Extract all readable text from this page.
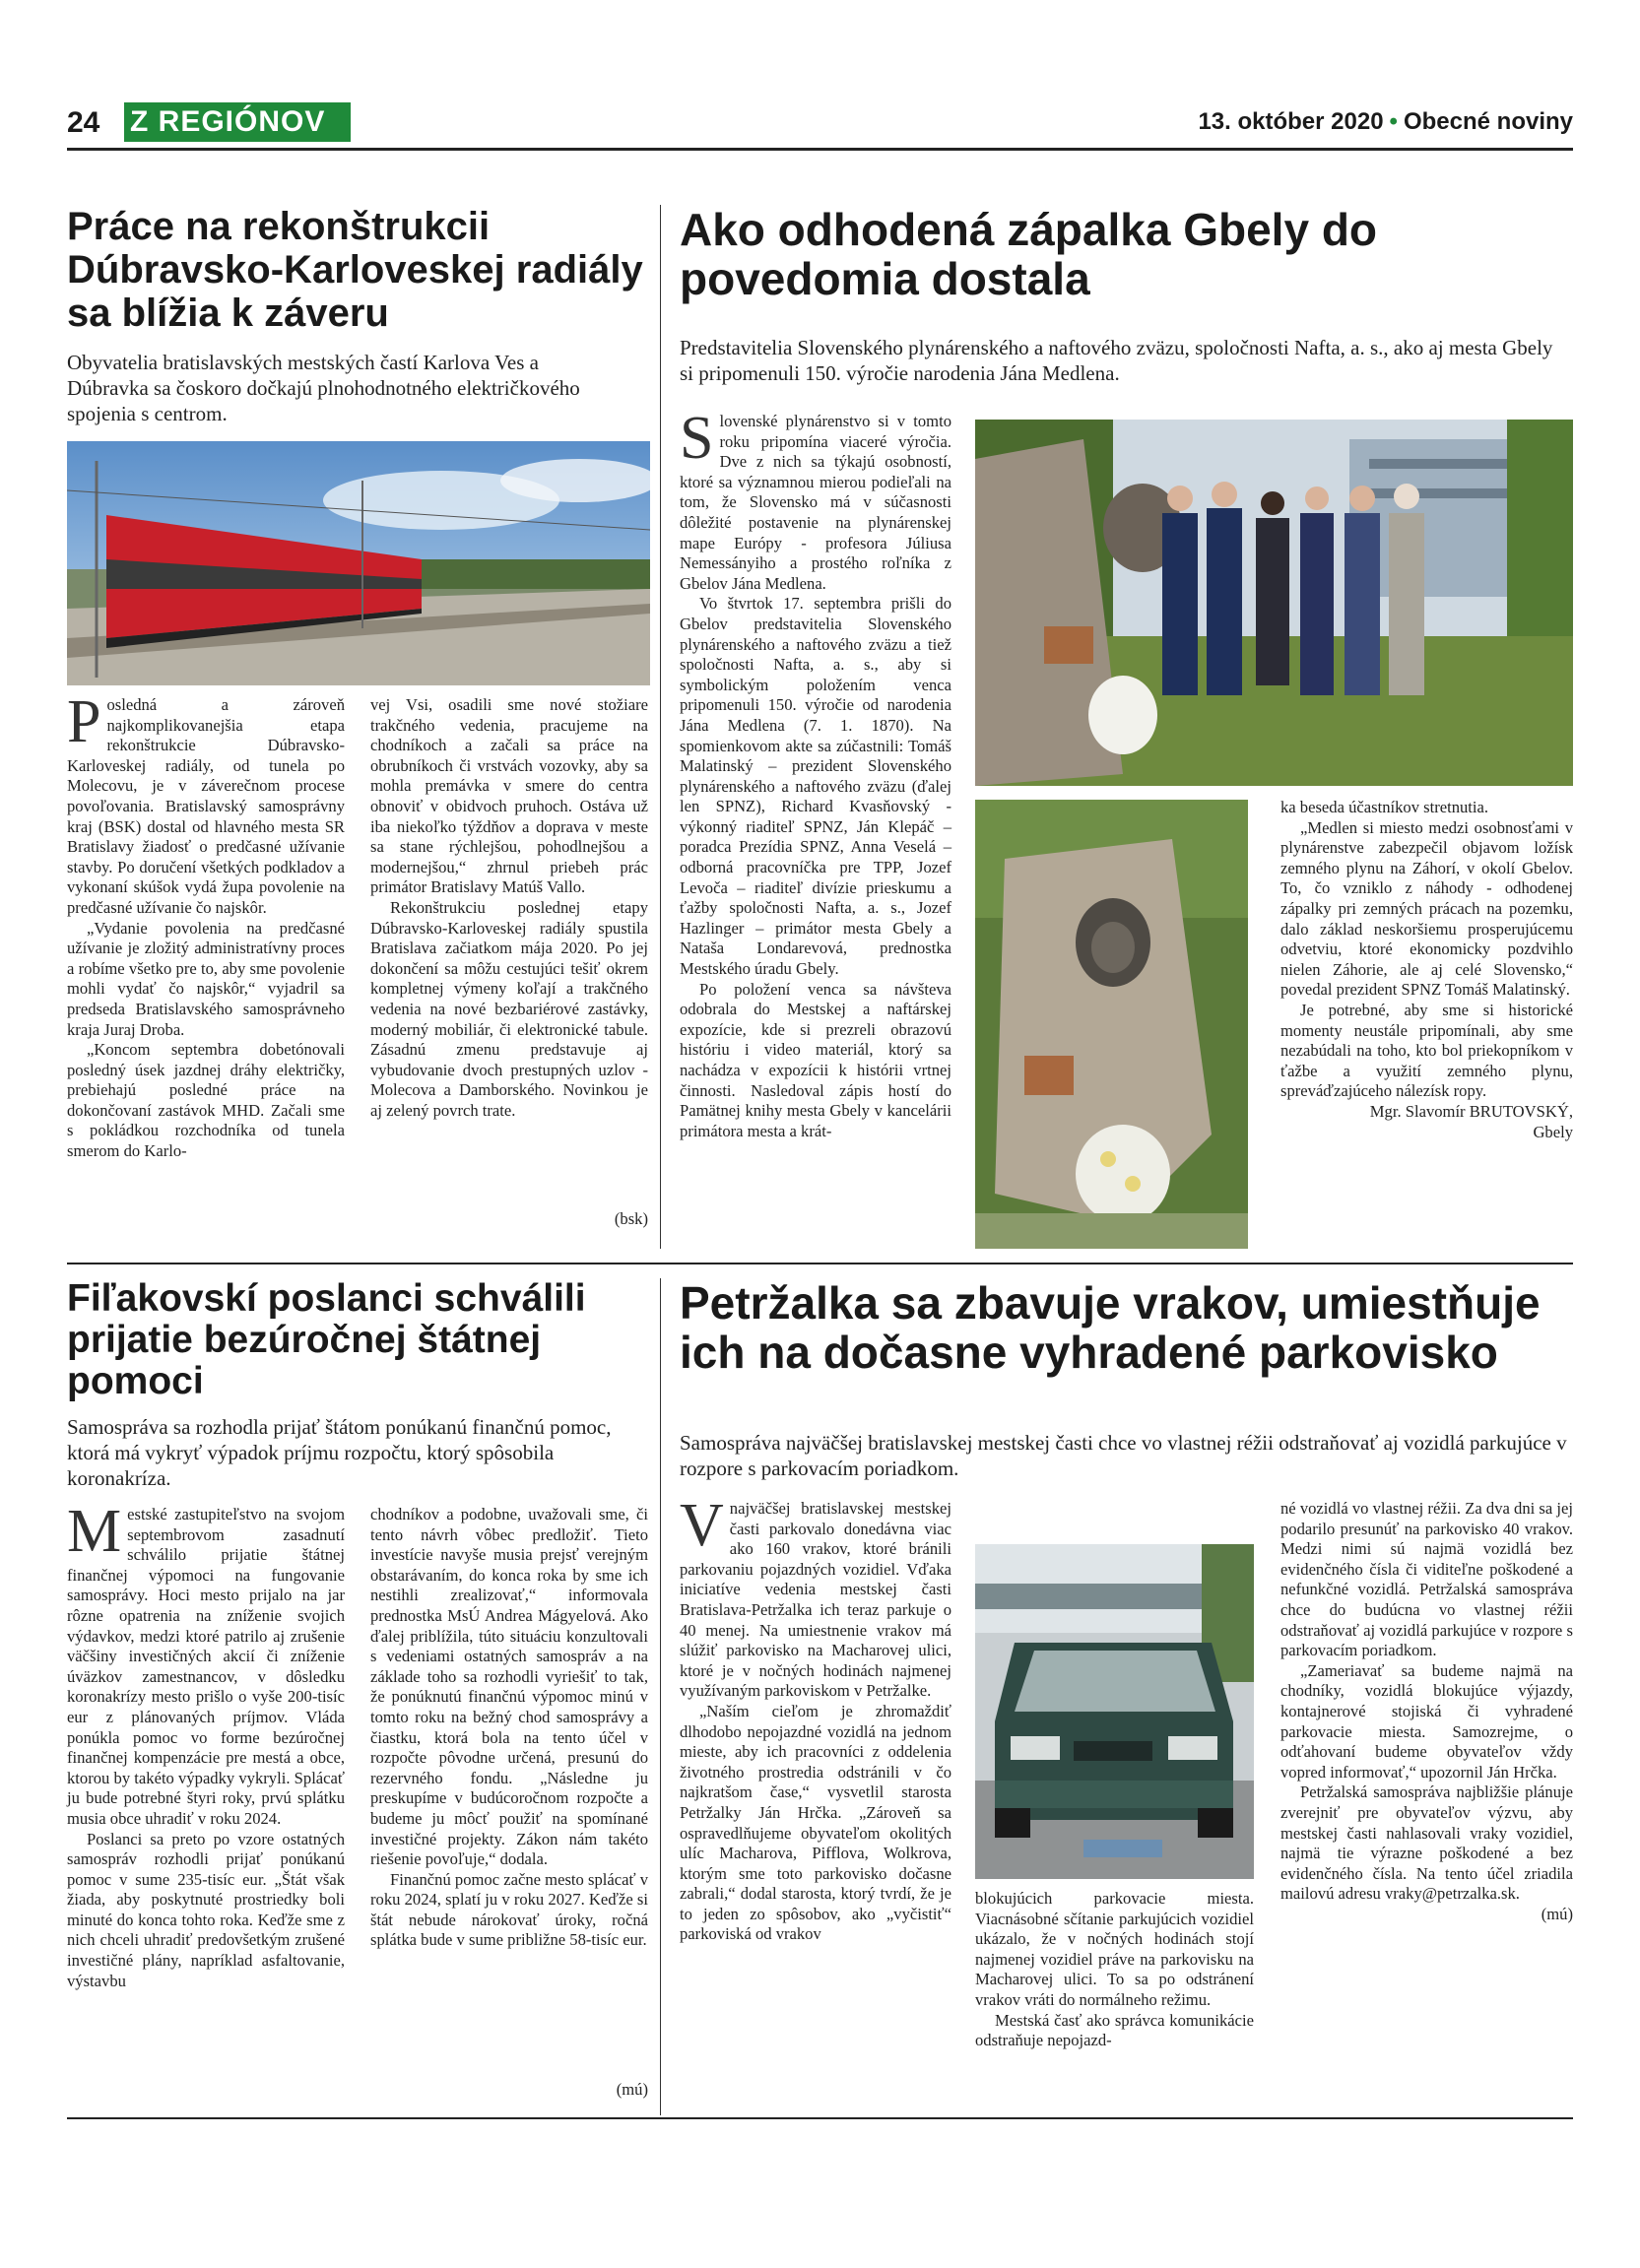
24 Z REGIÓNOV	13. október 2020 • Obecné noviny
Práce na rekonštrukcii Dúbravsko-Karloveskej radiály sa blížia k záveru
Obyvatelia bratislavských mestských častí Karlova Ves a Dúbravka sa čoskoro dočkajú plnohodnotného električkového spojenia s centrom.

Posledná a zároveň najkomplikovanejšia etapa rekonštrukcie Dúbravsko-Karloveskej radiály, od tunela po Molecovu, je v záverečnom procese povoľovania. Bratislavský samosprávny kraj (BSK) dostal od hlavného mesta SR Bratislavy žiadosť o predčasné užívanie stavby. Po doručení všetkých podkladov a vykonaní skúšok vydá župa povolenie na predčasné užívanie čo najskôr.

„Vydanie povolenia na predčasné užívanie je zložitý administratívny proces a robíme všetko pre to, aby sme povolenie mohli vydať čo najskôr,“ vyjadril sa predseda Bratislavského samosprávneho kraja Juraj Droba.

„Koncom septembra dobetónovali posledný úsek jazdnej dráhy električky, prebiehajú posledné práce na dokončovaní zastávok MHD. Začali sme s pokládkou rozchodníka od tunela smerom do Karlo-

vej Vsi, osadili sme nové stožiare trakčného vedenia, pracujeme na chodníkoch a začali sa práce na obrubníkoch či vrstvách vozovky, aby sa mohla premávka v smere do centra obnoviť v obidvoch pruhoch. Ostáva už iba niekoľko týždňov a doprava v meste sa stane rýchlejšou, pohodlnejšou a modernejšou,“ zhrnul priebeh prác primátor Bratislavy Matúš Vallo.

Rekonštrukciu poslednej etapy Dúbravsko-Karloveskej radiály spustila Bratislava začiatkom mája 2020. Po jej dokončení sa môžu cestujúci tešiť okrem kompletnej výmeny koľají a trakčného vedenia na nové bezbariérové zastávky, moderný mobiliár, či elektronické tabule. Zásadnú zmenu predstavuje aj vybudovanie dvoch prestupných uzlov - Molecova a Damborského. Novinkou je aj zelený povrch trate.

(bsk)
Ako odhodená zápalka Gbely do povedomia dostala
Predstavitelia Slovenského plynárenského a naftového zväzu, spoločnosti Nafta, a. s., ako aj mesta Gbely si pripomenuli 150. výročie narodenia Jána Medlena.

Slovenské plynárenstvo si v tomto roku pripomína viaceré výročia. Dve z nich sa týkajú osobností, ktoré sa významnou mierou podieľali na tom, že Slovensko má v súčasnosti dôležité postavenie na plynárenskej mape Európy - profesora Júliusa Nemessányiho a prostého roľníka z Gbelov Jána Medlena.

Vo štvrtok 17. septembra prišli do Gbelov predstavitelia Slovenského plynárenského a naftového zväzu a tiež spoločnosti Nafta, a. s., aby si symbolickým položením venca pripomenuli 150. výročie od narodenia Jána Medlena (7. 1. 1870). Na spomienkovom akte sa zúčastnili: Tomáš Malatinský – prezident Slovenského plynárenského a naftového zväzu (ďalej len SPNZ), Richard Kvasňovský - výkonný riaditeľ SPNZ, Ján Klepáč – poradca Prezídia SPNZ, Anna Veselá – odborná pracovníčka pre TPP, Jozef Levoča – riaditeľ divízie prieskumu a ťažby spoločnosti Nafta, a. s., Jozef Hazlinger – primátor mesta Gbely a Nataša Londarevová, prednostka Mestského úradu Gbely.

Po položení venca sa návšteva odobrala do Mestskej a naftárskej expozície, kde si prezreli obrazovú históriu i video materiál, ktorý sa nachádza v expozícii k histórii vrtnej činnosti. Nasledoval zápis hostí do Pamätnej knihy mesta Gbely v kancelárii primátora mesta a krát-

ka beseda účastníkov stretnutia.

„Medlen si miesto medzi osobnosťami v plynárenstve zabezpečil objavom ložísk zemného plynu na Záhorí, v okolí Gbelov. To, čo vzniklo z náhody - odhodenej zápalky pri zemných prácach na pozemku, dalo základ neskoršiemu prosperujúcemu odvetviu, ktoré ekonomicky pozdvihlo nielen Záhorie, ale aj celé Slovensko,“ povedal prezident SPNZ Tomáš Malatinský.

Je potrebné, aby sme si historické momenty neustále pripomínali, aby sme nezabúdali na toho, kto bol priekopníkom v ťažbe a využití zemného plynu, spreváďzajúceho nálezísk ropy.

Mgr. Slavomír BRUTOVSKÝ,
Gbely
Fiľakovskí poslanci schválili prijatie bezúročnej štátnej pomoci
Samospráva sa rozhodla prijať štátom ponúkanú finančnú pomoc, ktorá má vykryť výpadok príjmu rozpočtu, ktorý spôsobila koronakríza.

Mestské zastupiteľstvo na svojom septembrovom zasadnutí schválilo prijatie štátnej finančnej výpomoci na fungovanie samosprávy. Hoci mesto prijalo na jar rôzne opatrenia na zníženie svojich výdavkov, medzi ktoré patrilo aj zrušenie väčšiny investičných akcií či zníženie úväzkov zamestnancov, v dôsledku koronakrízy mesto prišlo o vyše 200-tisíc eur z plánovaných príjmov. Vláda ponúkla pomoc vo forme bezúročnej finančnej kompenzácie pre mestá a obce, ktorou by takéto výpadky vykryli. Splácať ju bude potrebné štyri roky, prvú splátku musia obce uhradiť v roku 2024.

Poslanci sa preto po vzore ostatných samospráv rozhodli prijať ponúkanú pomoc v sume 235-tisíc eur. „Štát však žiada, aby poskytnuté prostriedky boli minuté do konca tohto roka. Keďže sme z nich chceli uhradiť predovšetkým zrušené investičné plány, napríklad asfaltovanie, výstavbu

chodníkov a podobne, uvažovali sme, či tento návrh vôbec predložiť. Tieto investície navyše musia prejsť verejným obstarávaním, do konca roka by sme ich nestihli zrealizovať,“ informovala prednostka MsÚ Andrea Mágyelová. Ako ďalej priblížila, túto situáciu konzultovali s vedeniami ostatných samospráv a na základe toho sa rozhodli vyriešiť to tak, že ponúknutú finančnú výpomoc minú v tomto roku na bežný chod samosprávy a čiastku, ktorá bola na tento účel v rozpočte pôvodne určená, presunú do rezervného fondu. „Následne ju preskupíme v budúcoročnom rozpočte a budeme ju môcť použiť na spomínané investičné projekty. Zákon nám takéto riešenie povoľuje,“ dodala.

Finančnú pomoc začne mesto splácať v roku 2024, splatí ju v roku 2027. Keďže si štát nebude nárokovať úroky, ročná splátka bude v sume približne 58-tisíc eur.

(mú)
Petržalka sa zbavuje vrakov, umiestňuje ich na dočasne vyhradené parkovisko
Samospráva najväčšej bratislavskej mestskej časti chce vo vlastnej réžii odstraňovať aj vozidlá parkujúce v rozpore s parkovacím poriadkom.

Vnajväčšej bratislavskej mestskej časti parkovalo donedávna viac ako 160 vrakov, ktoré bránili parkovaniu pojazdných vozidiel. Vďaka iniciatíve vedenia mestskej časti Bratislava-Petržalka ich teraz parkuje o 40 menej. Na umiestnenie vrakov má slúžiť parkovisko na Macharovej ulici, ktoré je v nočných hodinách najmenej využívaným parkoviskom v Petržalke.

„Naším cieľom je zhromaždiť dlhodobo nepojazdné vozidlá na jednom mieste, aby ich pracovníci z oddelenia životného prostredia odstránili v čo najkratšom čase,“ vysvetlil starosta Petržalky Ján Hrčka. „Zároveň sa ospravedlňujeme obyvateľom okolitých ulíc Macharova, Pifflova, Wolkrova, ktorým sme toto parkovisko dočasne zabrali,“ dodal starosta, ktorý tvrdí, že je to jeden zo spôsobov, ako „vyčistiť“ parkoviská od vrakov

blokujúcich parkovacie miesta. Viacnásobné sčítanie parkujúcich vozidiel ukázalo, že v nočných hodinách stojí najmenej vozidiel práve na parkovisku na Macharovej ulici. To sa po odstránení vrakov vráti do normálneho režimu.

Mestská časť ako správca komunikácie odstraňuje nepojazd-

né vozidlá vo vlastnej réžii. Za dva dni sa jej podarilo presunúť na parkovisko 40 vrakov. Medzi nimi sú najmä vozidlá bez evidenčného čísla či viditeľne poškodené a nefunkčné vozidlá. Petržalská samospráva chce do budúcna vo vlastnej réžii odstraňovať aj vozidlá parkujúce v rozpore s parkovacím poriadkom.

„Zameriavať sa budeme najmä na chodníky, vozidlá blokujúce výjazdy, kontajnerové stojiská či vyhradené parkovacie miesta. Samozrejme, o odťahovaní budeme obyvateľov vždy vopred informovať,“ upozornil Ján Hrčka.

Petržalská samospráva najbližšie plánuje zverejniť pre obyvateľov výzvu, aby mestskej časti nahlasovali vraky vozidiel, najmä tie výrazne poškodené a bez evidenčného čísla. Na tento účel zriadila mailovú adresu vraky@petrzalka.sk.

(mú)
